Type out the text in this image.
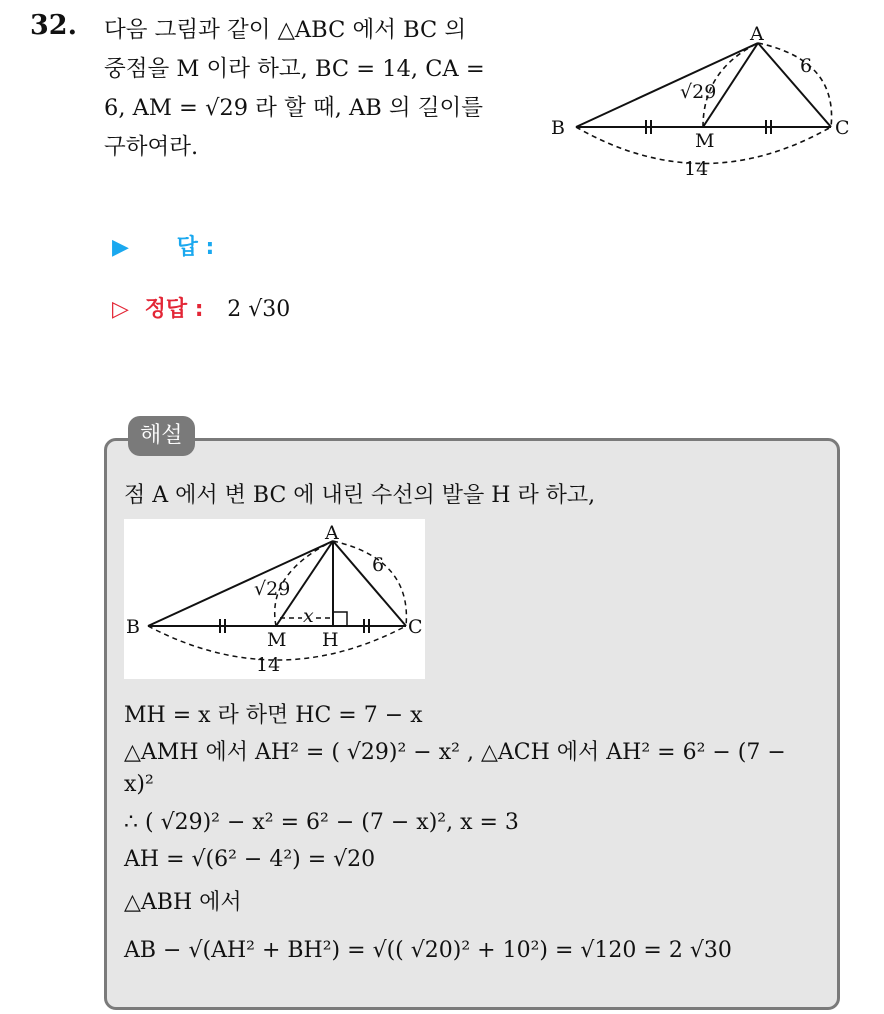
32. 다음 그림과 같이 △ABC 에서 BC 의
중점을 M 이라 하고, BC = 14, CA =
6, AM = √29 라 할 때, AB 의 길이를
구하여라.
A
B	C
M
6
14
√29
▶ 답 :
▷ 정답 : 2 √30
해설
점 A 에서 변 BC 에 내린 수선의 발을 H 라 하고,
A
B	C
M H
6
14
√29
x
MH = x 라 하면 HC = 7 − x
△AMH 에서 AH² = ( √29)² − x² , △ACH 에서 AH² = 6² − (7 −
x)²
∴ ( √29)² − x² = 6² − (7 − x)², x = 3
AH = √(6² − 4²) = √20
△ABH 에서
AB − √(AH² + BH²) = √(( √20)² + 10²) = √120 = 2 √30
